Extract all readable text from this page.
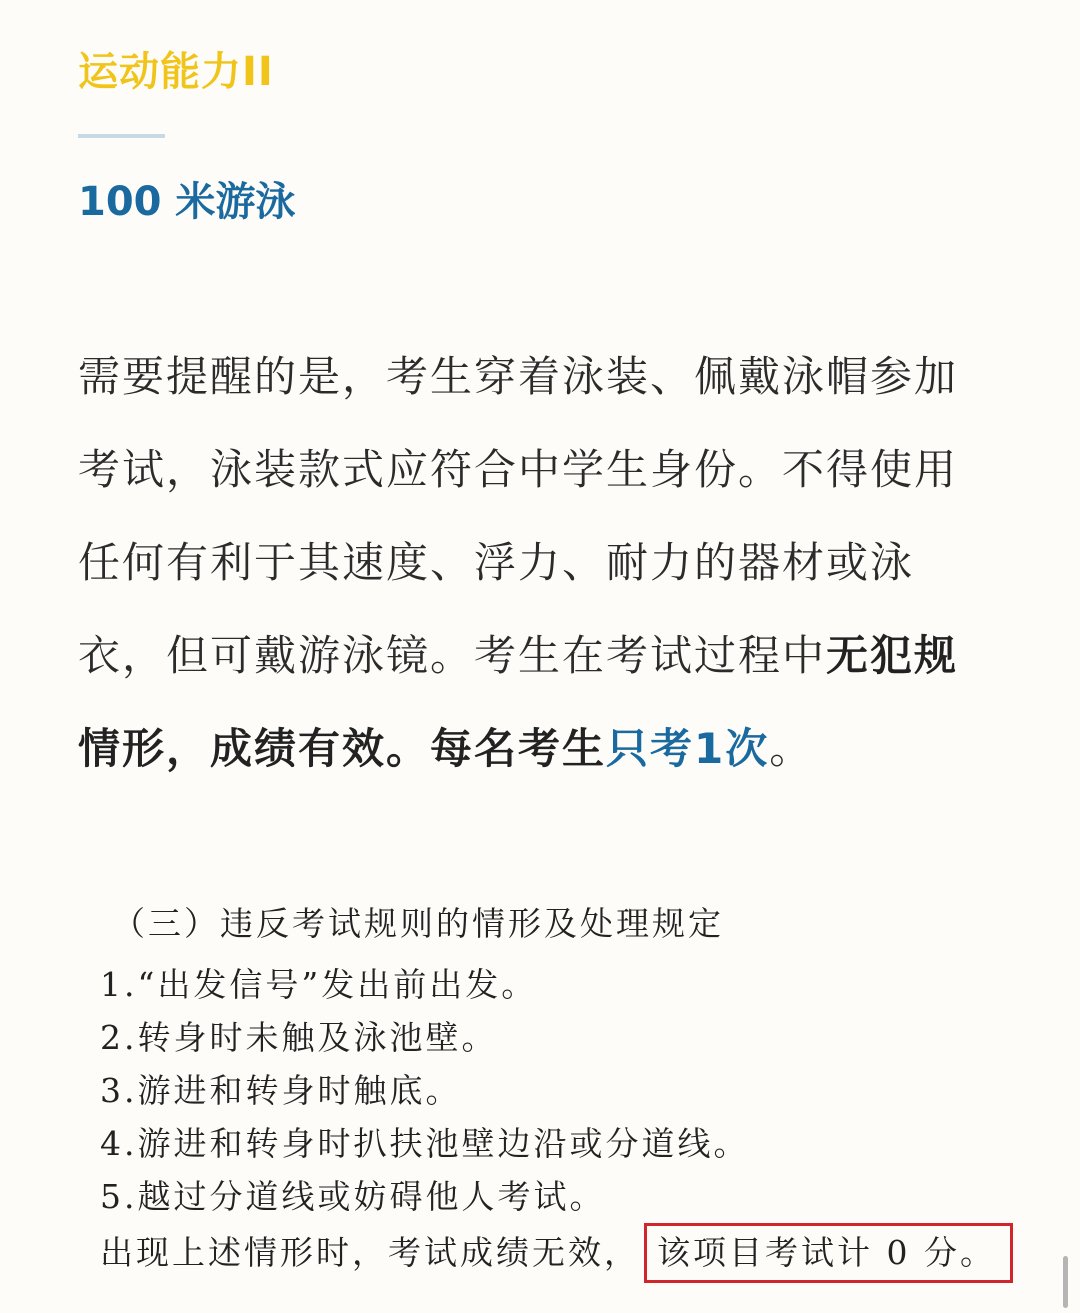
运动能力II
100 米游泳

需要提醒的是，考生穿着泳装、佩戴泳帽参加考试，泳装款式应符合中学生身份。不得使用任何有利于其速度、浮力、耐力的器材或泳衣，但可戴游泳镜。考生在考试过程中无犯规情形，成绩有效。每名考生只考1次。

（三）违反考试规则的情形及处理规定

1.“出发信号”发出前出发。

2.转身时未触及泳池壁。

3.游进和转身时触底。

4.游进和转身时扒扶池壁边沿或分道线。

5.越过分道线或妨碍他人考试。

出现上述情形时，考试成绩无效， 该项目考试计 0 分。
